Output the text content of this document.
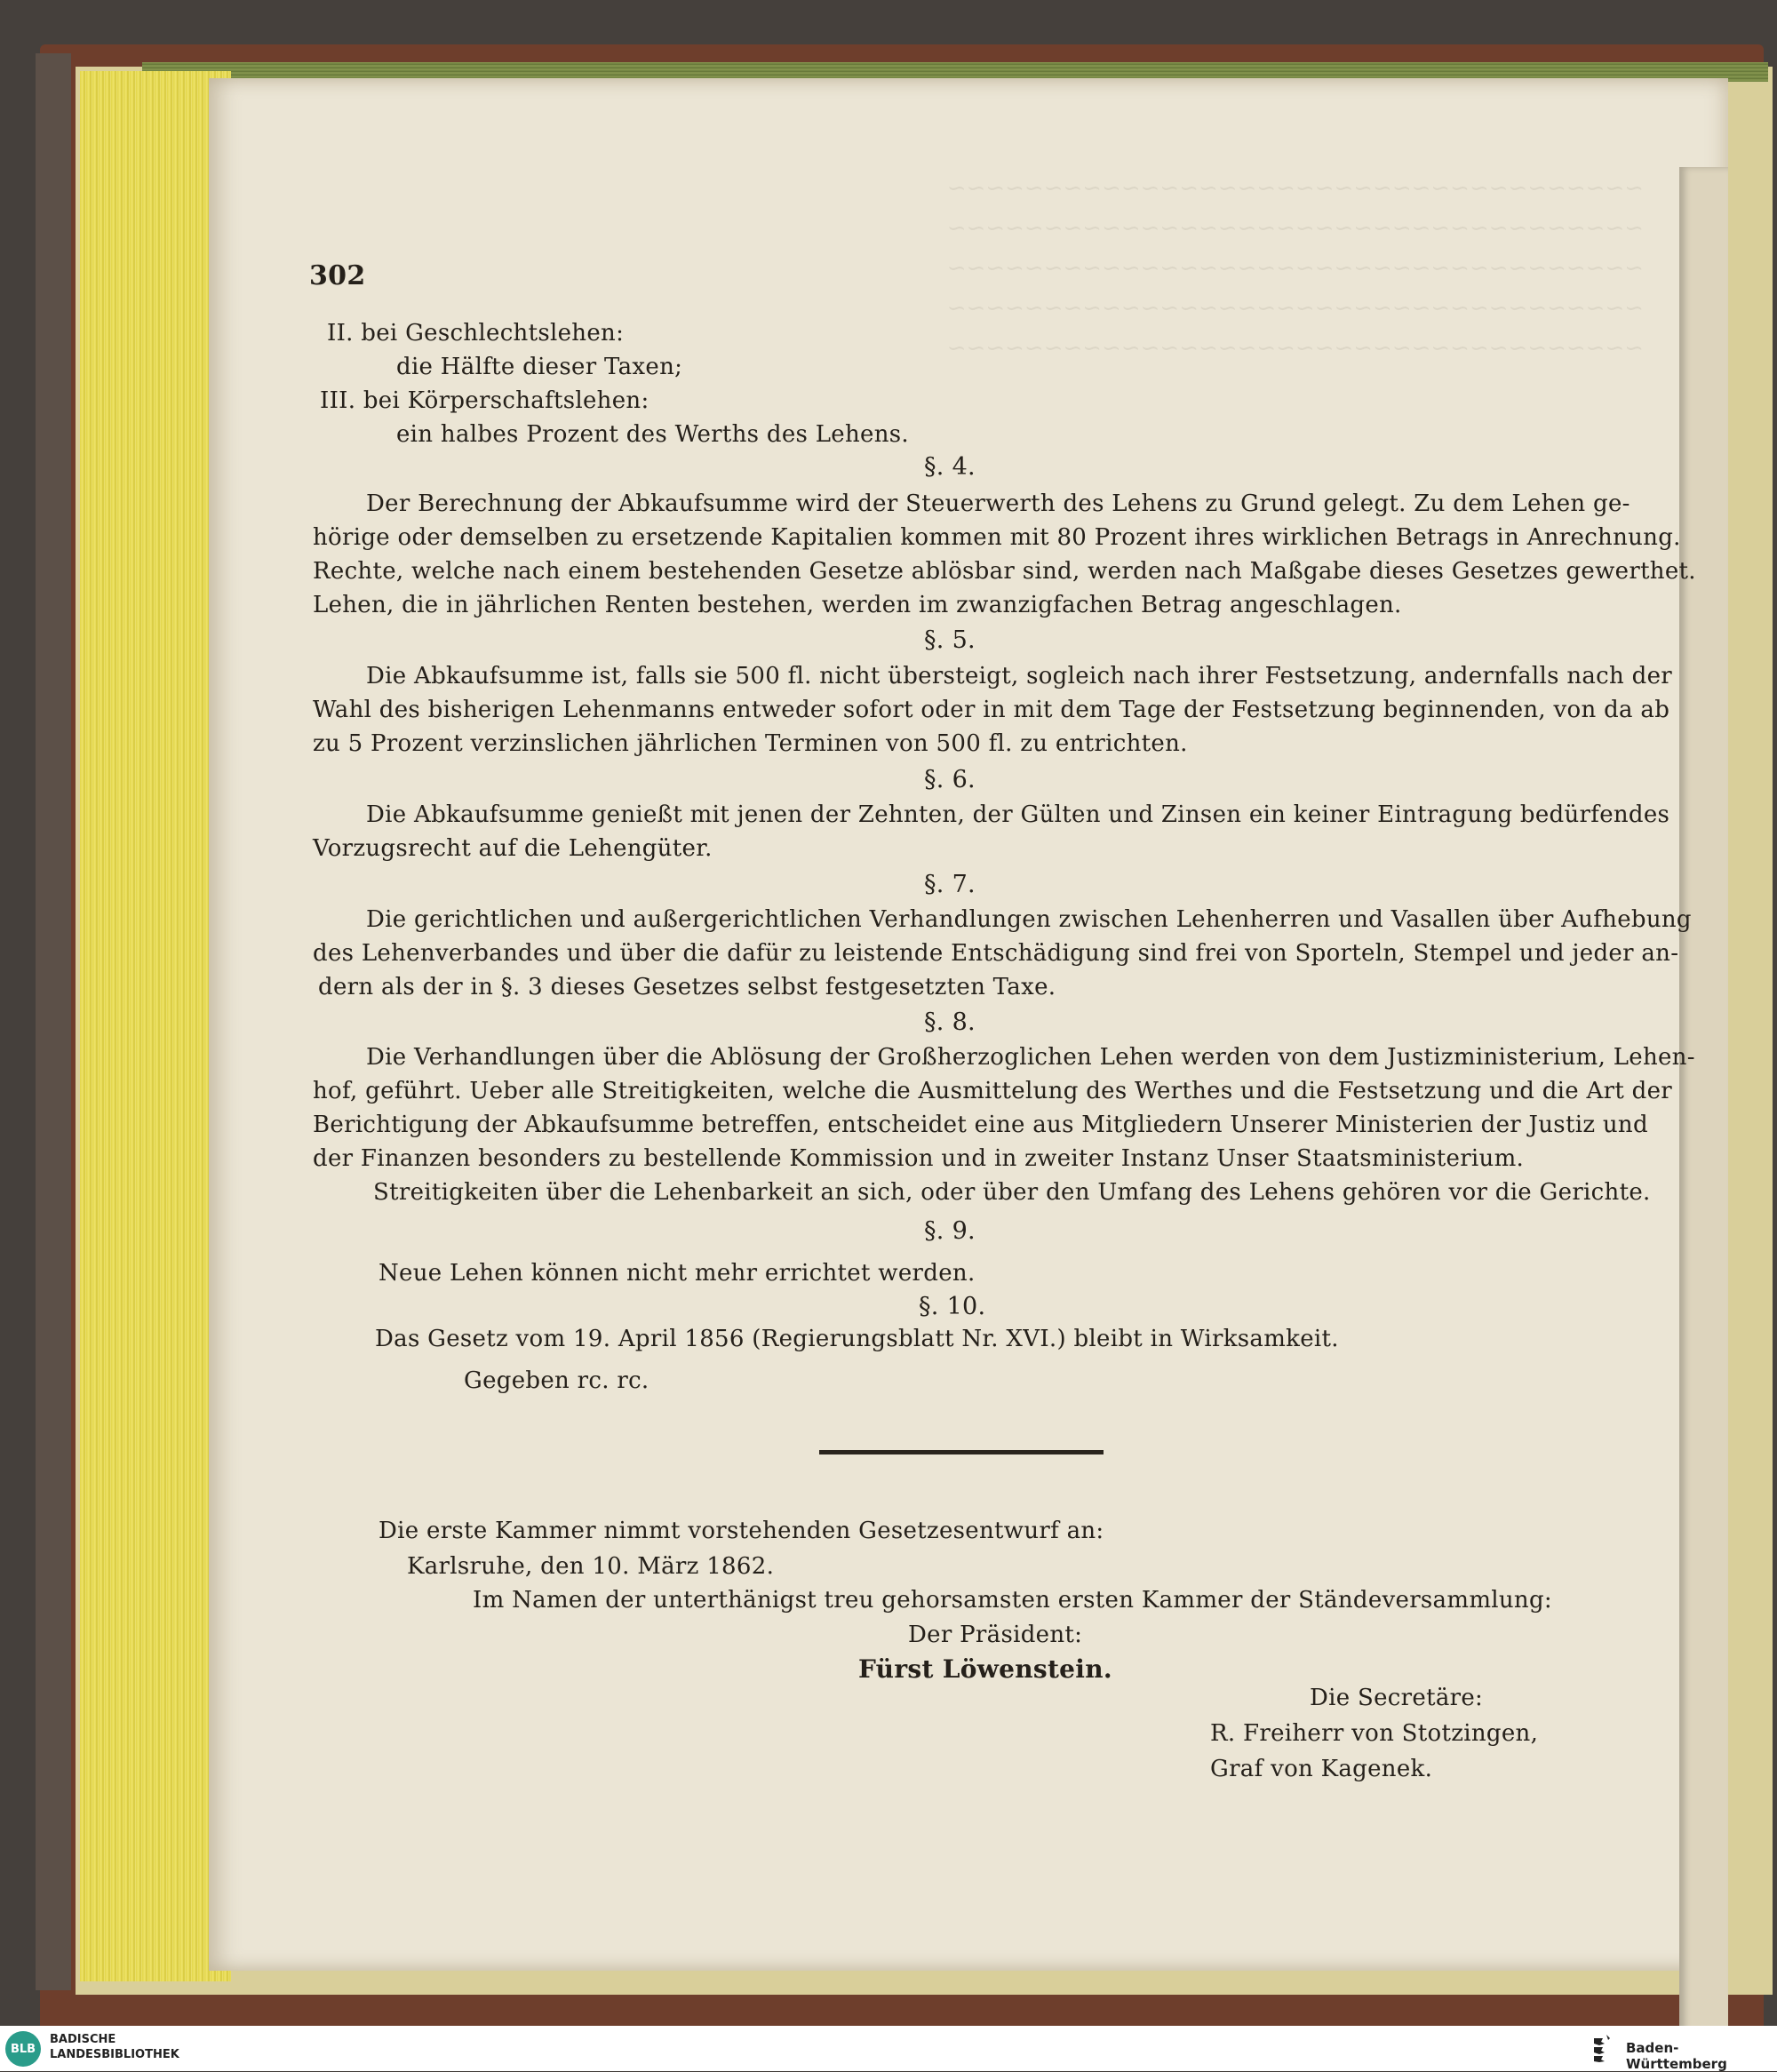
~~~~~~~~~~~~~~~~~~~~~~~~~~~~~~~~~~~~
~~~~~~~~~~~~~~~~~~~~~~~~~~~~~~~~~~~~
~~~~~~~~~~~~~~~~~~~~~~~~~~~~~~~~~~~~
~~~~~~~~~~~~~~~~~~~~~~~~~~~~~~~~~~~~
~~~~~~~~~~~~~~~~~~~~~~~~~~~~~~~~~~~~
302
II. bei Geschlechtslehen:
die Hälfte dieser Taxen;
III. bei Körperschaftslehen:
ein halbes Prozent des Werths des Lehens.
§. 4.
Der Berechnung der Abkaufsumme wird der Steuerwerth des Lehens zu Grund gelegt. Zu dem Lehen ge-
hörige oder demselben zu ersetzende Kapitalien kommen mit 80 Prozent ihres wirklichen Betrags in Anrechnung.
Rechte, welche nach einem bestehenden Gesetze ablösbar sind, werden nach Maßgabe dieses Gesetzes gewerthet.
Lehen, die in jährlichen Renten bestehen, werden im zwanzigfachen Betrag angeschlagen.
§. 5.
Die Abkaufsumme ist, falls sie 500 fl. nicht übersteigt, sogleich nach ihrer Festsetzung, andernfalls nach der
Wahl des bisherigen Lehenmanns entweder sofort oder in mit dem Tage der Festsetzung beginnenden, von da ab
zu 5 Prozent verzinslichen jährlichen Terminen von 500 fl. zu entrichten.
§. 6.
Die Abkaufsumme genießt mit jenen der Zehnten, der Gülten und Zinsen ein keiner Eintragung bedürfendes
Vorzugsrecht auf die Lehengüter.
§. 7.
Die gerichtlichen und außergerichtlichen Verhandlungen zwischen Lehenherren und Vasallen über Aufhebung
des Lehenverbandes und über die dafür zu leistende Entschädigung sind frei von Sporteln, Stempel und jeder an-
dern als der in §. 3 dieses Gesetzes selbst festgesetzten Taxe.
§. 8.
Die Verhandlungen über die Ablösung der Großherzoglichen Lehen werden von dem Justizministerium, Lehen-
hof, geführt. Ueber alle Streitigkeiten, welche die Ausmittelung des Werthes und die Festsetzung und die Art der
Berichtigung der Abkaufsumme betreffen, entscheidet eine aus Mitgliedern Unserer Ministerien der Justiz und
der Finanzen besonders zu bestellende Kommission und in zweiter Instanz Unser Staatsministerium.
Streitigkeiten über die Lehenbarkeit an sich, oder über den Umfang des Lehens gehören vor die Gerichte.
§. 9.
Neue Lehen können nicht mehr errichtet werden.
§. 10.
Das Gesetz vom 19. April 1856 (Regierungsblatt Nr. XVI.) bleibt in Wirksamkeit.
Gegeben rc. rc.
Die erste Kammer nimmt vorstehenden Gesetzesentwurf an:
Karlsruhe, den 10. März 1862.
Im Namen der unterthänigst treu gehorsamsten ersten Kammer der Ständeversammlung:
Der Präsident:
Fürst Löwenstein.
Die Secretäre:
R. Freiherr von Stotzingen,
Graf von Kagenek.
BLB
BADISCHE
LANDESBIBLIOTHEK	Baden-Württemberg
